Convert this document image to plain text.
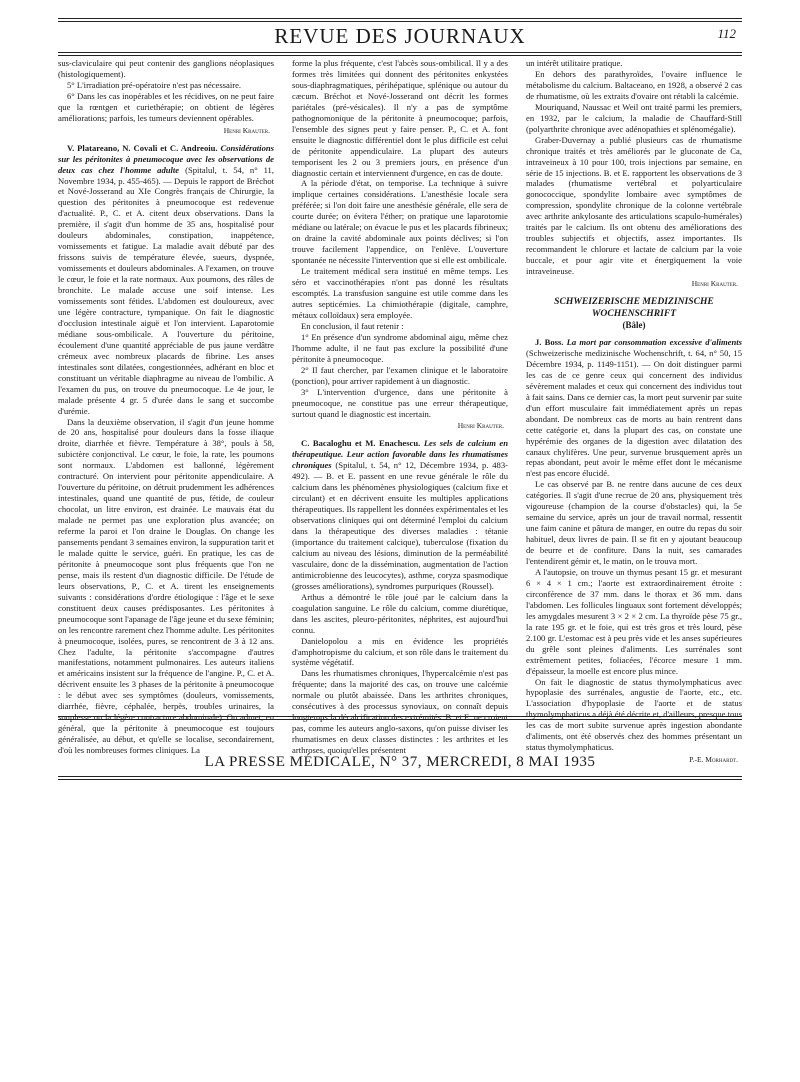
REVUE DES JOURNAUX	112

sus-claviculaire qui peut contenir des ganglions néoplasiques (histologiquement).

5° L'irradiation pré-opératoire n'est pas nécessaire.

6° Dans les cas inopérables et les récidives, on ne peut faire que la rœntgen et curiethérapie; on obtient de légères améliorations; parfois, les tumeurs deviennent opérables.

Henri Krauter.

V. Platareano, N. Covali et C. Andreoiu. Considérations sur les péritonites à pneumocoque avec les observations de deux cas chez l'homme adulte (Spitalul, t. 54, n° 11, Novembre 1934, p. 455-465). — Depuis le rapport de Bréchot et Nové-Josserand au XIe Congrès français de Chirurgie, la question des péritonites à pneumocoque est redevenue d'actualité. P., C. et A. citent deux observations. Dans la première, il s'agit d'un homme de 35 ans, hospitalisé pour douleurs abdominales, constipation, inappétence, vomissements et fatigue. La maladie avait débuté par des frissons suivis de température élevée, sueurs, dyspnée, vomissements et douleurs abdominales. A l'examen, on trouve le cœur, le foie et la rate normaux. Aux poumons, des râles de bronchite. Le malade accuse une soif intense. Les vomissements sont fétides. L'abdomen est douloureux, avec une légère contracture, tympanique. On fait le diagnostic d'occlusion intestinale aiguë et l'on intervient. Laparotomie médiane sous-ombilicale. A l'ouverture du péritoine, écoulement d'une quantité appréciable de pus jaune verdâtre crémeux avec nombreux placards de fibrine. Les anses intestinales sont dilatées, congestionnées, adhérant en bloc et constituant un véritable diaphragme au niveau de l'ombilic. A l'examen du pus, on trouve du pneumocoque. Le 4e jour, le malade présente 4 gr. 5 d'urée dans le sang et succombe d'urémie.

Dans la deuxième observation, il s'agit d'un jeune homme de 20 ans, hospitalisé pour douleurs dans la fosse iliaque droite, diarrhée et fièvre. Température à 38°, pouls à 58, subictère conjonctival. Le cœur, le foie, la rate, les poumons sont normaux. L'abdomen est ballonné, légèrement contracturé. On intervient pour péritonite appendiculaire. A l'ouverture du péritoine, on détruit prudemment les adhérences intestinales, quand une quantité de pus, fétide, de couleur chocolat, un litre environ, est drainée. Le mauvais état du malade ne permet pas une exploration plus avancée; on referme la paroi et l'on draine le Douglas. On change les pansements pendant 3 semaines environ, la suppuration tarit et le malade quitte le service, guéri. En pratique, les cas de péritonite à pneumocoque sont plus fréquents que l'on ne pense, mais ils restent d'un diagnostic difficile. De l'étude de leurs observations, P., C. et A. tirent les enseignements suivants : considérations d'ordre étiologique : l'âge et le sexe constituent deux causes prédisposantes. Les péritonites à pneumocoque sont l'apanage de l'âge jeune et du sexe féminin; on les rencontre rarement chez l'homme adulte. Les péritonites à pneumocoque, isolées, pures, se rencontrent de 3 à 12 ans. Chez l'adulte, la péritonite s'accompagne d'autres manifestations, notamment pulmonaires. Les auteurs italiens et américains insistent sur la fréquence de l'angine. P., C. et A. décrivent ensuite les 3 phases de la péritonite à pneumocoque : le début avec ses symptômes (douleurs, vomissements, diarrhée, fièvre, céphalée, herpès, troubles urinaires, la souplesse ou la légère contracture abdominale). On admet, en général, que la péritonite à pneumocoque est toujours généralisée, au début, et qu'elle se localise, secondairement, d'où les nombreuses formes cliniques. La

forme la plus fréquente, c'est l'abcès sous-ombilical. Il y a des formes très limitées qui donnent des péritonites enkystées sous-diaphragmatiques, périhépatique, splénique ou autour du cæcum. Bréchot et Nové-Josserand ont décrit les formes pariétales (pré-vésicales). Il n'y a pas de symptôme pathognomonique de la péritonite à pneumocoque; parfois, l'ensemble des signes peut y faire penser. P., C. et A. font ensuite le diagnostic différentiel dont le plus difficile est celui de péritonite appendiculaire. La plupart des auteurs temporisent les 2 ou 3 premiers jours, en présence d'un diagnostic certain et interviennent d'urgence, en cas de doute.

A la période d'état, on temporise. La technique à suivre implique certaines considérations. L'anesthésie locale sera préférée; si l'on doit faire une anesthésie générale, elle sera de courte durée; on évitera l'éther; on pratique une laparotomie médiane ou latérale; on évacue le pus et les placards fibrineux; on draine la cavité abdominale aux points déclives; si l'on trouve facilement l'appendice, on l'enlève. L'ouverture spontanée ne nécessite l'intervention que si elle est ombilicale.

Le traitement médical sera institué en même temps. Les séro et vaccinothérapies n'ont pas donné les résultats escomptés. La transfusion sanguine est utile comme dans les autres septicémies. La chimiothérapie (digitale, camphre, métaux colloïdaux) sera employée.

En conclusion, il faut retenir :

1° En présence d'un syndrome abdominal aigu, même chez l'homme adulte, il ne faut pas exclure la possibilité d'une péritonite à pneumocoque.

2° Il faut chercher, par l'examen clinique et le laboratoire (ponction), pour arriver rapidement à un diagnostic.

3° L'intervention d'urgence, dans une péritonite à pneumocoque, ne constitue pas une erreur thérapeutique, surtout quand le diagnostic est incertain.

Henri Krauter.

C. Bacaloghu et M. Enachescu. Les sels de calcium en thérapeutique. Leur action favorable dans les rhumatismes chroniques (Spitalul, t. 54, n° 12, Décembre 1934, p. 483-492). — B. et E. passent en une revue générale le rôle du calcium dans les phénomènes physiologiques (calcium fixe et circulant) et en décrivent ensuite les multiples applications thérapeutiques. Ils rappellent les données expérimentales et les observations cliniques qui ont déterminé l'emploi du calcium dans la thérapeutique des diverses maladies : tétanie (importance du traitement calcique), tuberculose (fixation du calcium au niveau des lésions, diminution de la perméabilité vasculaire, donc de la dissémination, augmentation de l'action antimicrobienne des leucocytes), asthme, coryza spasmodique (grosses améliorations), syndromes purpuriques (Roussel).

Arthus a démontré le rôle joué par le calcium dans la coagulation sanguine. Le rôle du calcium, comme diurétique, dans les ascites, pleuro-péritonites, néphrites, est aujourd'hui connu.

Danielopolou a mis en évidence les propriétés d'amphotropisme du calcium, et son rôle dans le traitement du système végétatif.

Dans les rhumatismes chroniques, l'hypercalcémie n'est pas fréquente; dans la majorité des cas, on trouve une calcémie normale ou plutôt abaissée. Dans les arthrites chroniques, consécutives à des processus synoviaux, on connaît depuis longtemps la décalcification des extrémités. B. et E. ne croient pas, comme les auteurs anglo-saxons, qu'on puisse diviser les rhumatismes en deux classes distinctes : les arthrites et les arthroses, quoiqu'elles présentent

un intérêt utilitaire pratique.

En dehors des parathyroïdes, l'ovaire influence le métabolisme du calcium. Baltaceano, en 1928, a observé 2 cas de rhumatisme, où les extraits d'ovaire ont rétabli la calcémie.

Mouriquand, Naussac et Weil ont traité parmi les premiers, en 1932, par le calcium, la maladie de Chauffard-Still (polyarthrite chronique avec adénopathies et splénomégalie).

Graber-Duvernay a publié plusieurs cas de rhumatisme chronique traités et très améliorés par le gluconate de Ca, intraveineux à 10 pour 100, trois injections par semaine, en série de 15 injections. B. et E. rapportent les observations de 3 malades (rhumatisme vertébral et polyarticulaire gonococcique, spondylite lombaire avec symptômes de compression, spondylite chronique de la colonne vertébrale avec arthrite ankylosante des articulations scapulo-humérales) traités par le calcium. Ils ont obtenu des améliorations des troubles subjectifs et objectifs, assez importantes. Ils recommandent le chlorure et lactate de calcium par la voie buccale, et pour agir vite et énergiquement la voie intraveineuse.

Henri Krauter.
SCHWEIZERISCHE MEDIZINISCHE WOCHENSCHRIFT
(Bâle)

J. Boss. La mort par consommation excessive d'aliments (Schweizerische medizinische Wochenschrift, t. 64, n° 50, 15 Décembre 1934, p. 1149-1151). — On doit distinguer parmi les cas de ce genre ceux qui concernent des individus sévèrement malades et ceux qui concernent des individus tout à fait sains. Dans ce dernier cas, la mort peut survenir par suite d'un effort musculaire fait immédiatement après un repas abondant. De nombreux cas de morts au bain rentrent dans cette catégorie et, dans la plupart des cas, on constate une hypérémie des organes de la digestion avec dilatation des canaux chylifères. Une peur, survenue brusquement après un repas abondant, peut avoir le même effet dont le mécanisme n'est pas encore élucidé.

Le cas observé par B. ne rentre dans aucune de ces deux catégories. Il s'agit d'une recrue de 20 ans, physiquement très vigoureuse (champion de la course d'obstacles) qui, la 5e semaine du service, après un jour de travail normal, ressentit une faim canine et pâtura de manger, en outre du repas du soir habituel, deux livres de pain. Il se fit en y ajoutant beaucoup de beurre et de confiture. Dans la nuit, ses camarades l'entendirent gémir et, le matin, on le trouva mort.

A l'autopsie, on trouve un thymus pesant 15 gr. et mesurant 6 × 4 × 1 cm.; l'aorte est extraordinairement étroite : circonférence de 37 mm. dans le thorax et 36 mm. dans l'abdomen. Les follicules linguaux sont fortement développés; les amygdales mesurent 3 × 2 × 2 cm. La thyroïde pèse 75 gr., la rate 195 gr. et le foie, qui est très gros et très lourd, pèse 2.100 gr. L'estomac est à peu près vide et les anses supérieures du grêle sont pleines d'aliments. Les surrénales sont extrêmement petites, foliacées, l'écorce mesure 1 mm. d'épaisseur, la moelle est encore plus mince.

On fait le diagnostic de status thymolymphaticus avec hypoplasie des surrénales, angustie de l'aorte, etc., etc. L'association d'hypoplasie de l'aorte et de status thymolymphaticus a déjà été décrite et, d'ailleurs, presque tous les cas de mort subite survenue après ingestion abondante d'aliments, ont été observés chez des hommes présentant un status thymolymphaticus.

P.-E. Morhardt.
LA PRESSE MÉDICALE, N° 37, MERCREDI, 8 MAI 1935
